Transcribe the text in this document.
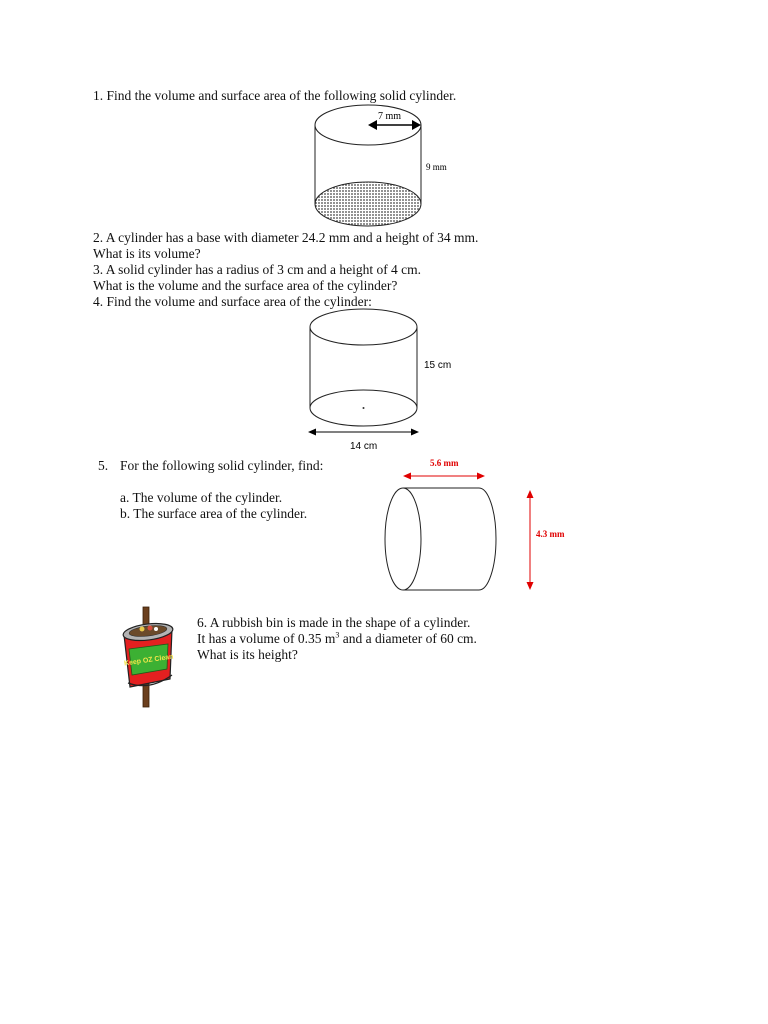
1. Find the volume and surface area of the following solid cylinder.
7 mm
9 mm
2. A cylinder has a base with diameter 24.2 mm and a height of 34 mm.
What is its volume?
3. A solid cylinder has a radius of 3 cm and a height of 4 cm.
What is the volume and the surface area of the cylinder?
4. Find the volume and surface area of the cylinder:
15 cm
14 cm
5. For the following solid cylinder, find:
a. The volume of the cylinder.
b. The surface area of the cylinder.
5.6 mm
4.3 mm
Keep OZ Clean
6. A rubbish bin is made in the shape of a cylinder.
It has a volume of 0.35 $m^3$ and a diameter of 60 cm.
What is its height?
